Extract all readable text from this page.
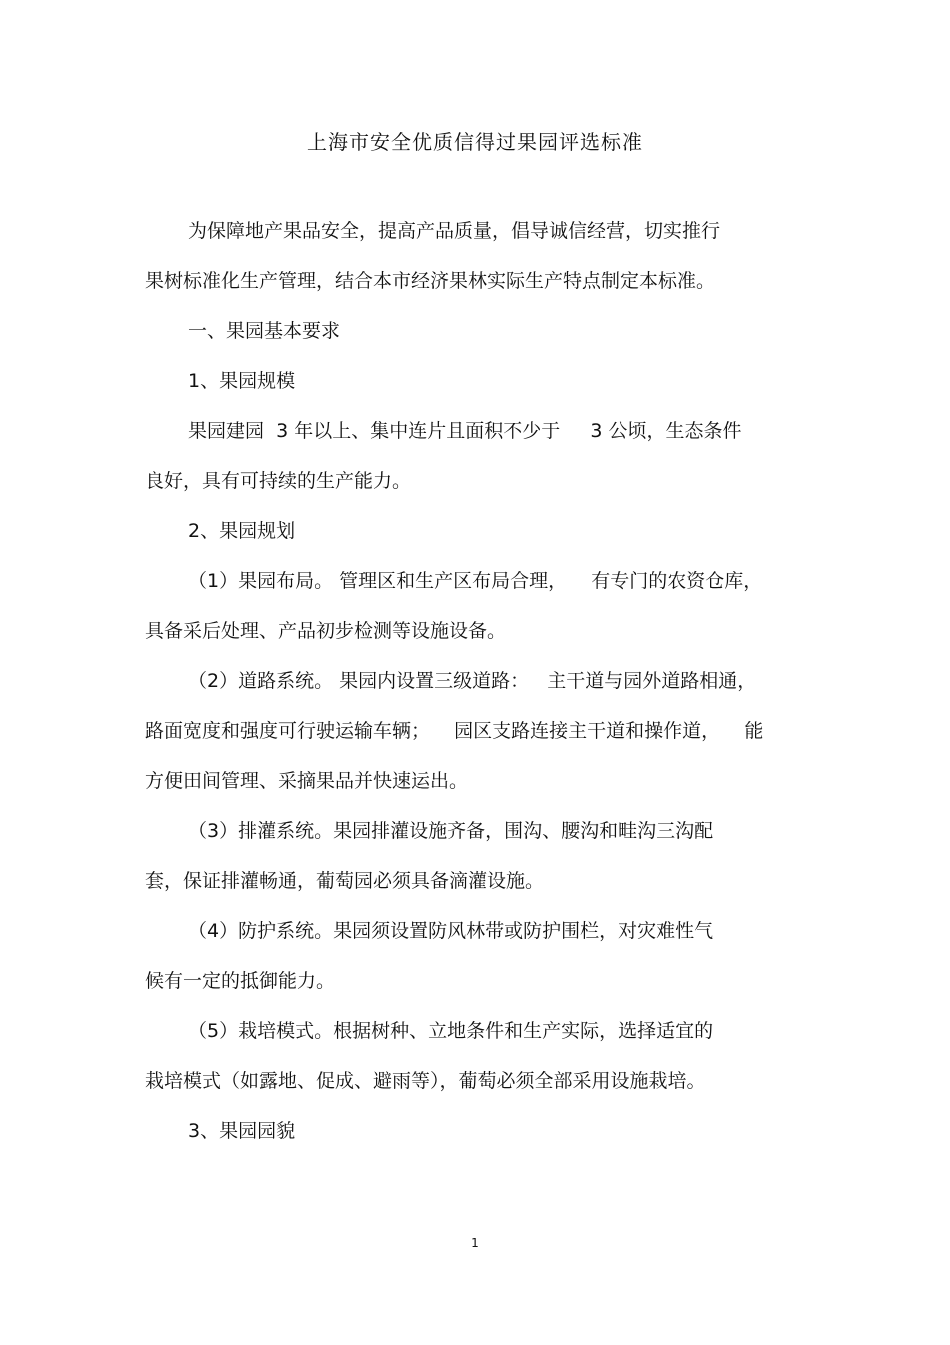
上海市安全优质信得过果园评选标准
为保障地产果品安全，提高产品质量，倡导诚信经营，切实推行
果树标准化生产管理，结合本市经济果林实际生产特点制定本标准。
一、果园基本要求
1、果园规模
果园建园  3 年以上、集中连片且面积不少于     3 公顷，生态条件
良好，具有可持续的生产能力。
2、果园规划
（1）果园布局。 管理区和生产区布局合理，    有专门的农资仓库，
具备采后处理、产品初步检测等设施设备。
（2）道路系统。 果园内设置三级道路：   主干道与园外道路相通，
路面宽度和强度可行驶运输车辆；    园区支路连接主干道和操作道，    能
方便田间管理、采摘果品并快速运出。
（3）排灌系统。果园排灌设施齐备，围沟、腰沟和畦沟三沟配
套，保证排灌畅通，葡萄园必须具备滴灌设施。
（4）防护系统。果园须设置防风林带或防护围栏，对灾难性气
候有一定的抵御能力。
（5）栽培模式。根据树种、立地条件和生产实际，选择适宜的
栽培模式（如露地、促成、避雨等），葡萄必须全部采用设施栽培。
3、果园园貌
1
